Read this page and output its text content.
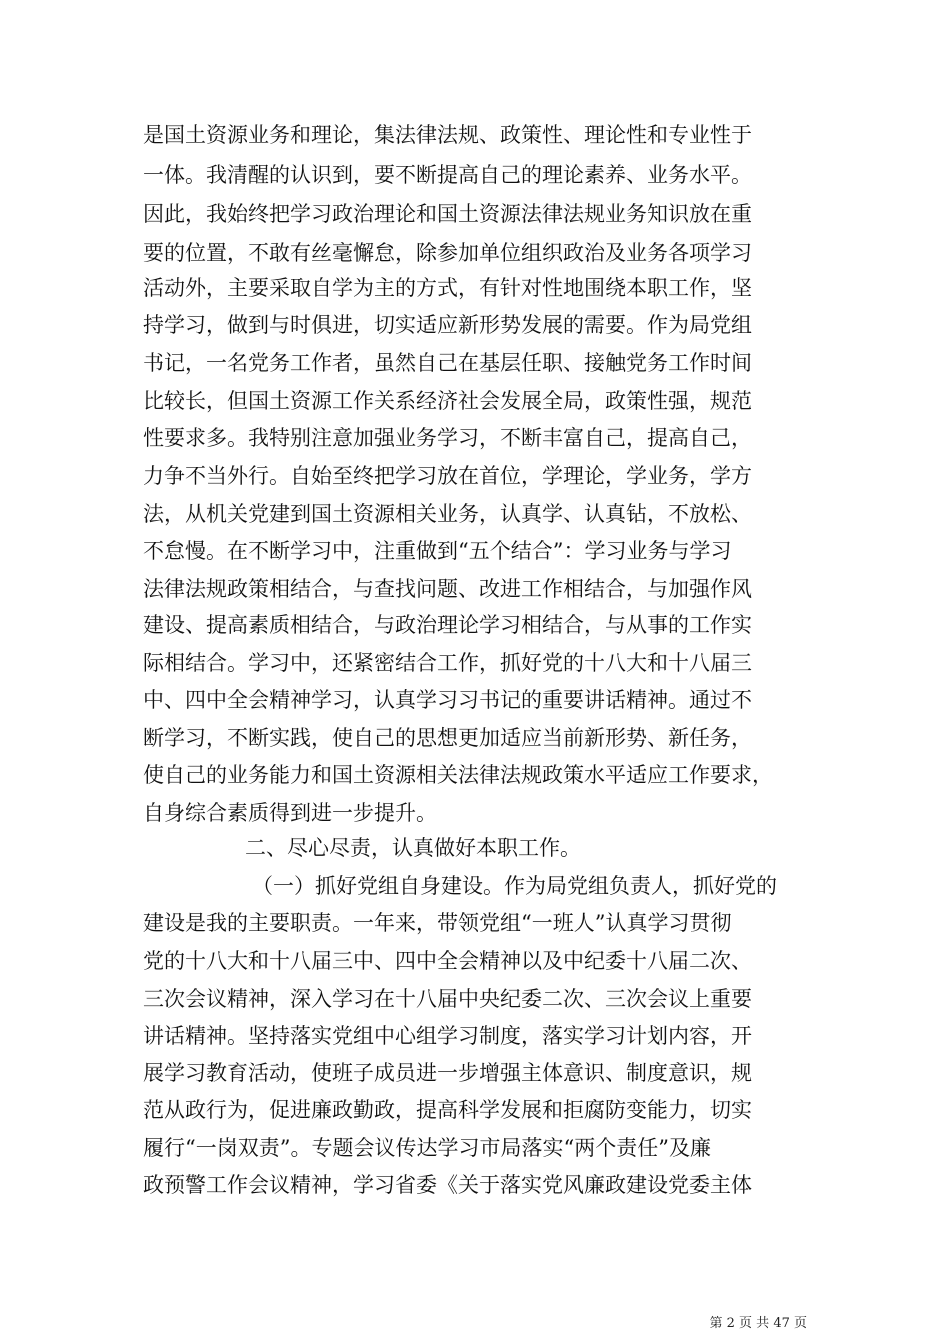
是国土资源业务和理论，集法律法规、政策性、理论性和专业性于
一体。我清醒的认识到，要不断提高自己的理论素养、业务水平。
因此，我始终把学习政治理论和国土资源法律法规业务知识放在重
要的位置，不敢有丝毫懈怠，除参加单位组织政治及业务各项学习
活动外，主要采取自学为主的方式，有针对性地围绕本职工作，坚
持学习，做到与时俱进，切实适应新形势发展的需要。作为局党组
书记，一名党务工作者，虽然自己在基层任职、接触党务工作时间
比较长，但国土资源工作关系经济社会发展全局，政策性强，规范
性要求多。我特别注意加强业务学习，不断丰富自己，提高自己，
力争不当外行。自始至终把学习放在首位，学理论，学业务，学方
法，从机关党建到国土资源相关业务，认真学、认真钻，不放松、
不怠慢。在不断学习中，注重做到“五个结合”：学习业务与学习
法律法规政策相结合，与查找问题、改进工作相结合，与加强作风
建设、提高素质相结合，与政治理论学习相结合，与从事的工作实
际相结合。学习中，还紧密结合工作，抓好党的十八大和十八届三
中、四中全会精神学习，认真学习习书记的重要讲话精神。通过不
断学习，不断实践，使自己的思想更加适应当前新形势、新任务，
使自己的业务能力和国土资源相关法律法规政策水平适应工作要求，
自身综合素质得到进一步提升。
二、尽心尽责，认真做好本职工作。
（一）抓好党组自身建设。作为局党组负责人，抓好党的
建设是我的主要职责。一年来，带领党组“一班人”认真学习贯彻
党的十八大和十八届三中、四中全会精神以及中纪委十八届二次、
三次会议精神，深入学习在十八届中央纪委二次、三次会议上重要
讲话精神。坚持落实党组中心组学习制度，落实学习计划内容，开
展学习教育活动，使班子成员进一步增强主体意识、制度意识，规
范从政行为，促进廉政勤政，提高科学发展和拒腐防变能力，切实
履行“一岗双责”。专题会议传达学习市局落实“两个责任”及廉
政预警工作会议精神，学习省委《关于落实党风廉政建设党委主体
第 2 页 共 47 页
